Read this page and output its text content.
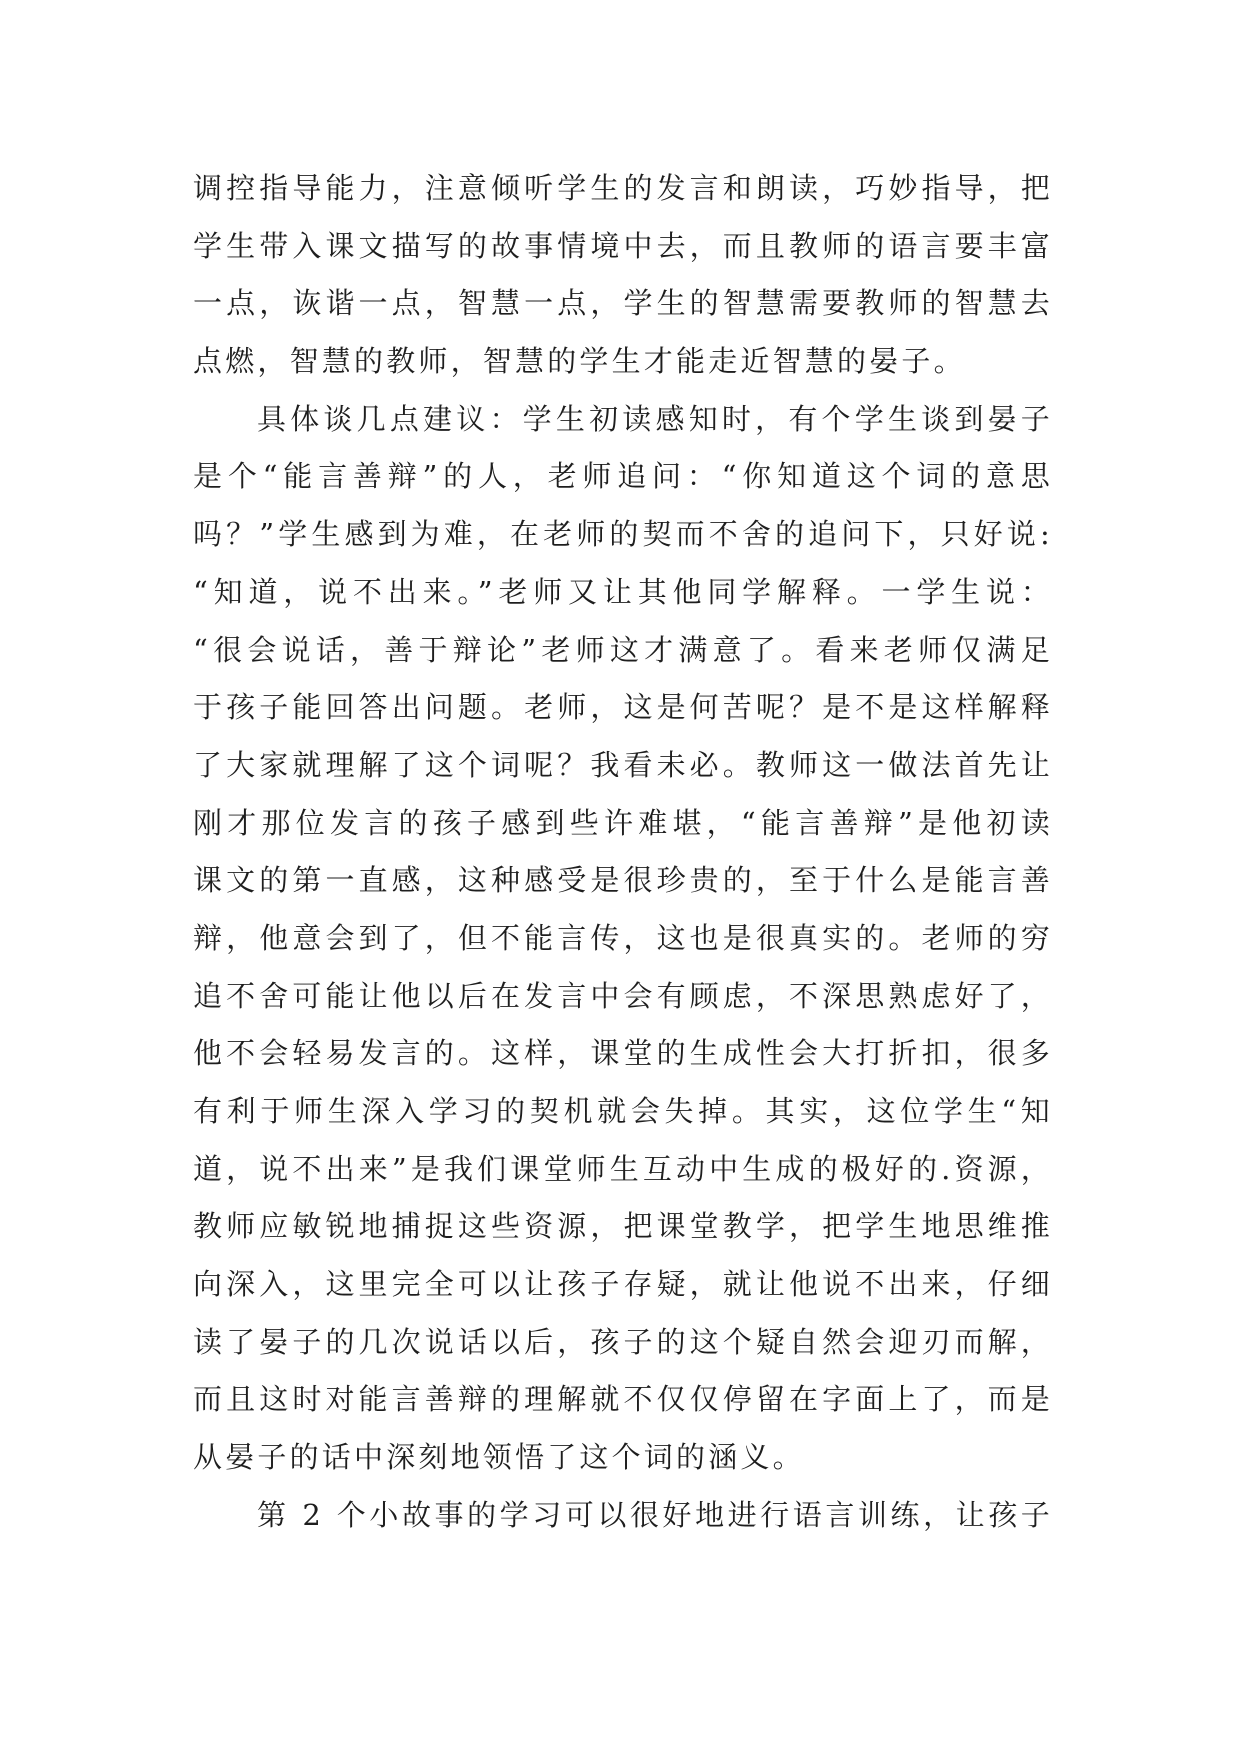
调控指导能力，注意倾听学生的发言和朗读，巧妙指导，把
学生带入课文描写的故事情境中去，而且教师的语言要丰富
一点，诙谐一点，智慧一点，学生的智慧需要教师的智慧去
点燃，智慧的教师，智慧的学生才能走近智慧的晏子。
具体谈几点建议：学生初读感知时，有个学生谈到晏子
是个“能言善辩”的人，老师追问：“你知道这个词的意思
吗？”学生感到为难，在老师的契而不舍的追问下，只好说:
“知道，说不出来。”老师又让其他同学解释。一学生说：
“很会说话，善于辩论”老师这才满意了。看来老师仅满足
于孩子能回答出问题。老师，这是何苦呢？是不是这样解释
了大家就理解了这个词呢？我看未必。教师这一做法首先让
刚才那位发言的孩子感到些许难堪，“能言善辩”是他初读
课文的第一直感，这种感受是很珍贵的，至于什么是能言善
辩，他意会到了，但不能言传，这也是很真实的。老师的穷
追不舍可能让他以后在发言中会有顾虑，不深思熟虑好了，
他不会轻易发言的。这样，课堂的生成性会大打折扣，很多
有利于师生深入学习的契机就会失掉。其实，这位学生“知
道，说不出来”是我们课堂师生互动中生成的极好的.资源，
教师应敏锐地捕捉这些资源，把课堂教学，把学生地思维推
向深入，这里完全可以让孩子存疑，就让他说不出来，仔细
读了晏子的几次说话以后，孩子的这个疑自然会迎刃而解，
而且这时对能言善辩的理解就不仅仅停留在字面上了，而是
从晏子的话中深刻地领悟了这个词的涵义。
第 2 个小故事的学习可以很好地进行语言训练，让孩子
